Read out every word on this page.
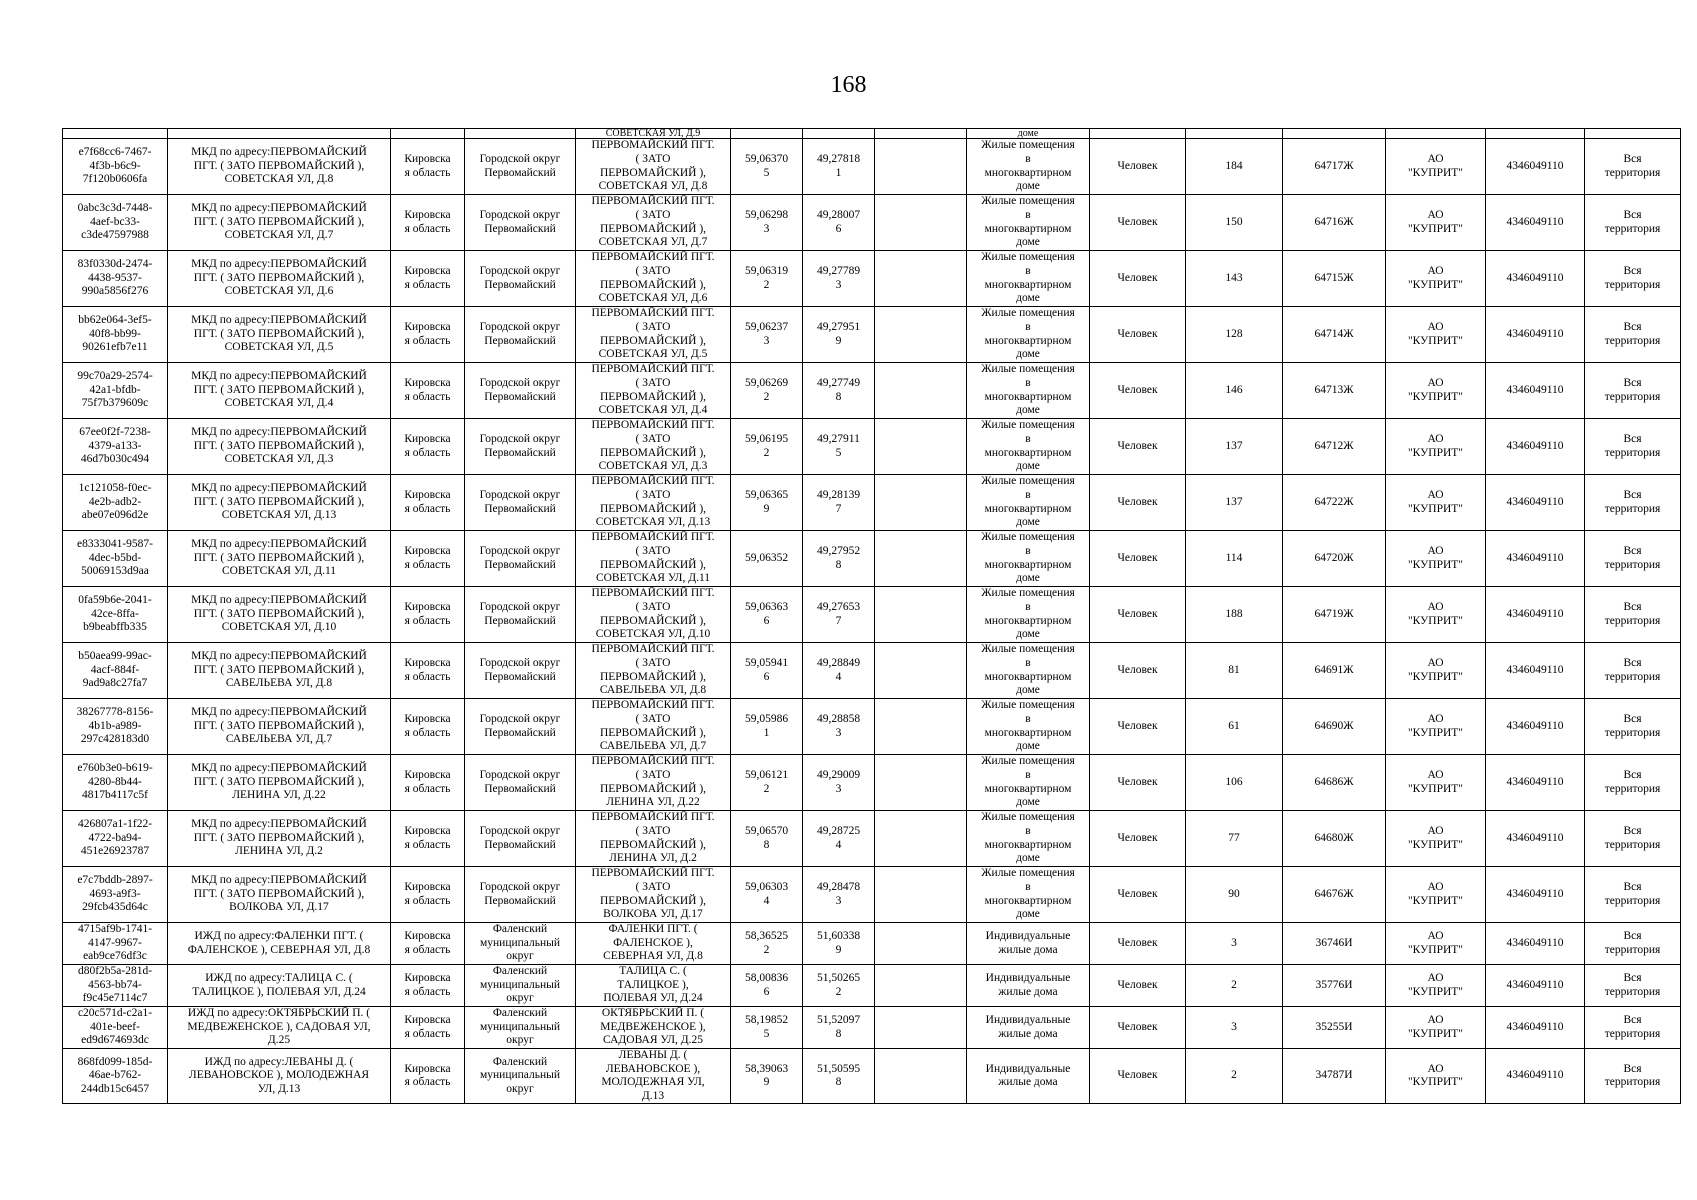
168

				СОВЕТСКАЯ УЛ, Д.9				доме						

e7f68cc6-7467-
4f3b-b6c9-
7f120b0606fa	МКД по адресу:ПЕРВОМАЙСКИЙ
ПГТ. ( ЗАТО ПЕРВОМАЙСКИЙ ),
СОВЕТСКАЯ УЛ, Д.8	Кировска
я область	Городской округ
Первомайский	ПЕРВОМАЙСКИЙ ПГТ.
( ЗАТО
ПЕРВОМАЙСКИЙ ),
СОВЕТСКАЯ УЛ, Д.8	59,06370
5	49,27818
1		Жилые помещения
в
многоквартирном
доме	Человек	184	64717Ж	АО
"КУПРИТ"	4346049110	Вся
территория

0abc3c3d-7448-
4aef-bc33-
c3de47597988	МКД по адресу:ПЕРВОМАЙСКИЙ
ПГТ. ( ЗАТО ПЕРВОМАЙСКИЙ ),
СОВЕТСКАЯ УЛ, Д.7	Кировска
я область	Городской округ
Первомайский	ПЕРВОМАЙСКИЙ ПГТ.
( ЗАТО
ПЕРВОМАЙСКИЙ ),
СОВЕТСКАЯ УЛ, Д.7	59,06298
3	49,28007
6		Жилые помещения
в
многоквартирном
доме	Человек	150	64716Ж	АО
"КУПРИТ"	4346049110	Вся
территория

83f0330d-2474-
4438-9537-
990a5856f276	МКД по адресу:ПЕРВОМАЙСКИЙ
ПГТ. ( ЗАТО ПЕРВОМАЙСКИЙ ),
СОВЕТСКАЯ УЛ, Д.6	Кировска
я область	Городской округ
Первомайский	ПЕРВОМАЙСКИЙ ПГТ.
( ЗАТО
ПЕРВОМАЙСКИЙ ),
СОВЕТСКАЯ УЛ, Д.6	59,06319
2	49,27789
3		Жилые помещения
в
многоквартирном
доме	Человек	143	64715Ж	АО
"КУПРИТ"	4346049110	Вся
территория

bb62e064-3ef5-
40f8-bb99-
90261efb7e11	МКД по адресу:ПЕРВОМАЙСКИЙ
ПГТ. ( ЗАТО ПЕРВОМАЙСКИЙ ),
СОВЕТСКАЯ УЛ, Д.5	Кировска
я область	Городской округ
Первомайский	ПЕРВОМАЙСКИЙ ПГТ.
( ЗАТО
ПЕРВОМАЙСКИЙ ),
СОВЕТСКАЯ УЛ, Д.5	59,06237
3	49,27951
9		Жилые помещения
в
многоквартирном
доме	Человек	128	64714Ж	АО
"КУПРИТ"	4346049110	Вся
территория

99c70a29-2574-
42a1-bfdb-
75f7b379609c	МКД по адресу:ПЕРВОМАЙСКИЙ
ПГТ. ( ЗАТО ПЕРВОМАЙСКИЙ ),
СОВЕТСКАЯ УЛ, Д.4	Кировска
я область	Городской округ
Первомайский	ПЕРВОМАЙСКИЙ ПГТ.
( ЗАТО
ПЕРВОМАЙСКИЙ ),
СОВЕТСКАЯ УЛ, Д.4	59,06269
2	49,27749
8		Жилые помещения
в
многоквартирном
доме	Человек	146	64713Ж	АО
"КУПРИТ"	4346049110	Вся
территория

67ee0f2f-7238-
4379-a133-
46d7b030c494	МКД по адресу:ПЕРВОМАЙСКИЙ
ПГТ. ( ЗАТО ПЕРВОМАЙСКИЙ ),
СОВЕТСКАЯ УЛ, Д.3	Кировска
я область	Городской округ
Первомайский	ПЕРВОМАЙСКИЙ ПГТ.
( ЗАТО
ПЕРВОМАЙСКИЙ ),
СОВЕТСКАЯ УЛ, Д.3	59,06195
2	49,27911
5		Жилые помещения
в
многоквартирном
доме	Человек	137	64712Ж	АО
"КУПРИТ"	4346049110	Вся
территория

1c121058-f0ec-
4e2b-adb2-
abe07e096d2e	МКД по адресу:ПЕРВОМАЙСКИЙ
ПГТ. ( ЗАТО ПЕРВОМАЙСКИЙ ),
СОВЕТСКАЯ УЛ, Д.13	Кировска
я область	Городской округ
Первомайский	ПЕРВОМАЙСКИЙ ПГТ.
( ЗАТО
ПЕРВОМАЙСКИЙ ),
СОВЕТСКАЯ УЛ, Д.13	59,06365
9	49,28139
7		Жилые помещения
в
многоквартирном
доме	Человек	137	64722Ж	АО
"КУПРИТ"	4346049110	Вся
территория

e8333041-9587-
4dec-b5bd-
50069153d9aa	МКД по адресу:ПЕРВОМАЙСКИЙ
ПГТ. ( ЗАТО ПЕРВОМАЙСКИЙ ),
СОВЕТСКАЯ УЛ, Д.11	Кировска
я область	Городской округ
Первомайский	ПЕРВОМАЙСКИЙ ПГТ.
( ЗАТО
ПЕРВОМАЙСКИЙ ),
СОВЕТСКАЯ УЛ, Д.11	59,06352	49,27952
8		Жилые помещения
в
многоквартирном
доме	Человек	114	64720Ж	АО
"КУПРИТ"	4346049110	Вся
территория

0fa59b6e-2041-
42ce-8ffa-
b9beabffb335	МКД по адресу:ПЕРВОМАЙСКИЙ
ПГТ. ( ЗАТО ПЕРВОМАЙСКИЙ ),
СОВЕТСКАЯ УЛ, Д.10	Кировска
я область	Городской округ
Первомайский	ПЕРВОМАЙСКИЙ ПГТ.
( ЗАТО
ПЕРВОМАЙСКИЙ ),
СОВЕТСКАЯ УЛ, Д.10	59,06363
6	49,27653
7		Жилые помещения
в
многоквартирном
доме	Человек	188	64719Ж	АО
"КУПРИТ"	4346049110	Вся
территория

b50aea99-99ac-
4acf-884f-
9ad9a8c27fa7	МКД по адресу:ПЕРВОМАЙСКИЙ
ПГТ. ( ЗАТО ПЕРВОМАЙСКИЙ ),
САВЕЛЬЕВА УЛ, Д.8	Кировска
я область	Городской округ
Первомайский	ПЕРВОМАЙСКИЙ ПГТ.
( ЗАТО
ПЕРВОМАЙСКИЙ ),
САВЕЛЬЕВА УЛ, Д.8	59,05941
6	49,28849
4		Жилые помещения
в
многоквартирном
доме	Человек	81	64691Ж	АО
"КУПРИТ"	4346049110	Вся
территория

38267778-8156-
4b1b-a989-
297c428183d0	МКД по адресу:ПЕРВОМАЙСКИЙ
ПГТ. ( ЗАТО ПЕРВОМАЙСКИЙ ),
САВЕЛЬЕВА УЛ, Д.7	Кировска
я область	Городской округ
Первомайский	ПЕРВОМАЙСКИЙ ПГТ.
( ЗАТО
ПЕРВОМАЙСКИЙ ),
САВЕЛЬЕВА УЛ, Д.7	59,05986
1	49,28858
3		Жилые помещения
в
многоквартирном
доме	Человек	61	64690Ж	АО
"КУПРИТ"	4346049110	Вся
территория

e760b3e0-b619-
4280-8b44-
4817b4117c5f	МКД по адресу:ПЕРВОМАЙСКИЙ
ПГТ. ( ЗАТО ПЕРВОМАЙСКИЙ ),
ЛЕНИНА УЛ, Д.22	Кировска
я область	Городской округ
Первомайский	ПЕРВОМАЙСКИЙ ПГТ.
( ЗАТО
ПЕРВОМАЙСКИЙ ),
ЛЕНИНА УЛ, Д.22	59,06121
2	49,29009
3		Жилые помещения
в
многоквартирном
доме	Человек	106	64686Ж	АО
"КУПРИТ"	4346049110	Вся
территория

426807a1-1f22-
4722-ba94-
451e26923787	МКД по адресу:ПЕРВОМАЙСКИЙ
ПГТ. ( ЗАТО ПЕРВОМАЙСКИЙ ),
ЛЕНИНА УЛ, Д.2	Кировска
я область	Городской округ
Первомайский	ПЕРВОМАЙСКИЙ ПГТ.
( ЗАТО
ПЕРВОМАЙСКИЙ ),
ЛЕНИНА УЛ, Д.2	59,06570
8	49,28725
4		Жилые помещения
в
многоквартирном
доме	Человек	77	64680Ж	АО
"КУПРИТ"	4346049110	Вся
территория

e7c7bddb-2897-
4693-a9f3-
29fcb435d64c	МКД по адресу:ПЕРВОМАЙСКИЙ
ПГТ. ( ЗАТО ПЕРВОМАЙСКИЙ ),
ВОЛКОВА УЛ, Д.17	Кировска
я область	Городской округ
Первомайский	ПЕРВОМАЙСКИЙ ПГТ.
( ЗАТО
ПЕРВОМАЙСКИЙ ),
ВОЛКОВА УЛ, Д.17	59,06303
4	49,28478
3		Жилые помещения
в
многоквартирном
доме	Человек	90	64676Ж	АО
"КУПРИТ"	4346049110	Вся
территория

4715af9b-1741-
4147-9967-
eab9ce76df3c	ИЖД по адресу:ФАЛЕНКИ ПГТ. (
ФАЛЕНСКОЕ ), СЕВЕРНАЯ УЛ, Д.8	Кировска
я область	Фаленский
муниципальный
округ	ФАЛЕНКИ ПГТ. (
ФАЛЕНСКОЕ ),
СЕВЕРНАЯ УЛ, Д.8	58,36525
2	51,60338
9		Индивидуальные
жилые дома	Человек	3	36746И	АО
"КУПРИТ"	4346049110	Вся
территория

d80f2b5a-281d-
4563-bb74-
f9c45e7114c7	ИЖД по адресу:ТАЛИЦА С. (
ТАЛИЦКОЕ ), ПОЛЕВАЯ УЛ, Д.24	Кировска
я область	Фаленский
муниципальный
округ	ТАЛИЦА С. (
ТАЛИЦКОЕ ),
ПОЛЕВАЯ УЛ, Д.24	58,00836
6	51,50265
2		Индивидуальные
жилые дома	Человек	2	35776И	АО
"КУПРИТ"	4346049110	Вся
территория

c20c571d-c2a1-
401e-beef-
ed9d674693dc	ИЖД по адресу:ОКТЯБРЬСКИЙ П. (
МЕДВЕЖЕНСКОЕ ), САДОВАЯ УЛ,
Д.25	Кировска
я область	Фаленский
муниципальный
округ	ОКТЯБРЬСКИЙ П. (
МЕДВЕЖЕНСКОЕ ),
САДОВАЯ УЛ, Д.25	58,19852
5	51,52097
8		Индивидуальные
жилые дома	Человек	3	35255И	АО
"КУПРИТ"	4346049110	Вся
территория

868fd099-185d-
46ae-b762-
244db15c6457	ИЖД по адресу:ЛЕВАНЫ Д. (
ЛЕВАНОВСКОЕ ), МОЛОДЕЖНАЯ
УЛ, Д.13	Кировска
я область	Фаленский
муниципальный
округ	ЛЕВАНЫ Д. (
ЛЕВАНОВСКОЕ ),
МОЛОДЕЖНАЯ УЛ,
Д.13	58,39063
9	51,50595
8		Индивидуальные
жилые дома	Человек	2	34787И	АО
"КУПРИТ"	4346049110	Вся
территория
